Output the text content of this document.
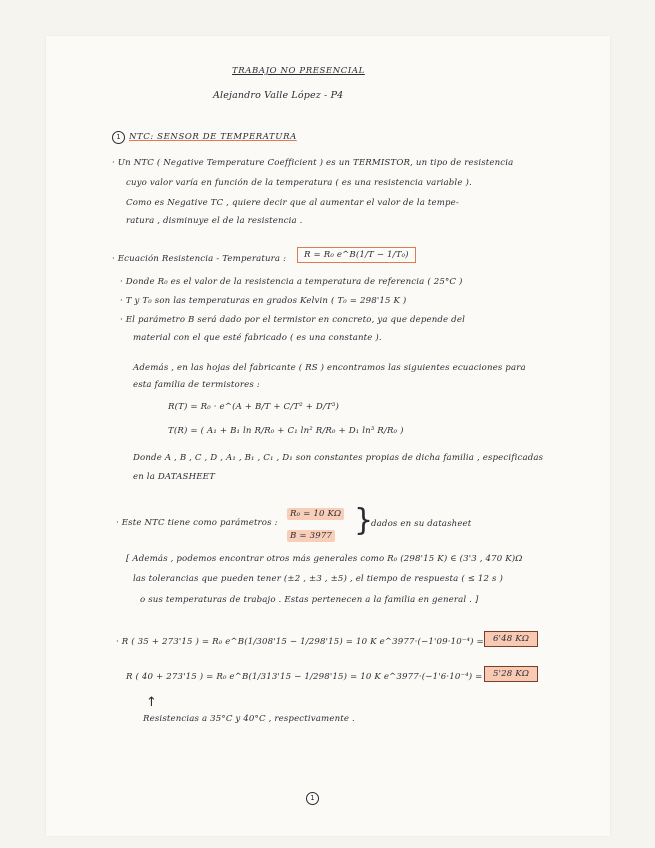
TRABAJO NO PRESENCIAL
Alejandro Valle López - P4
1 NTC: SENSOR DE TEMPERATURA
· Un NTC ( Negative Temperature Coefficient ) es un TERMISTOR, un tipo de resistencia
cuyo valor varía en función de la temperatura ( es una resistencia variable ).
Como es Negative TC , quiere decir que al aumentar el valor de la tempe-
ratura , disminuye el de la resistencia .
· Ecuación Resistencia - Temperatura :	R = R₀ e^B(1/T − 1/T₀)
· Donde R₀ es el valor de la resistencia a temperatura de referencia ( 25°C )
· T y T₀ son las temperaturas en grados Kelvin ( T₀ = 298'15 K )
· El parámetro B será dado por el termistor en concreto, ya que depende del
material con el que esté fabricado ( es una constante ).
Además , en las hojas del fabricante ( RS ) encontramos las siguientes ecuaciones para
esta familia de termistores :
R(T) = R₀ · e^(A + B/T + C/T² + D/T³)
T(R) = ( A₁ + B₁ ln R/R₀ + C₁ ln² R/R₀ + D₁ ln³ R/R₀ )
Donde A , B , C , D , A₁ , B₁ , C₁ , D₁ son constantes propias de dicha familia , especificadas
en la DATASHEET
· Este NTC tiene como parámetros :
R₀ = 10 KΩ
B = 3977 }
dados en su datasheet
[ Además , podemos encontrar otros más generales como R₀ (298'15 K) ∈ (3'3 , 470 K)Ω
las tolerancias que pueden tener (±2 , ±3 , ±5) , el tiempo de respuesta ( ≤ 12 s )
o sus temperaturas de trabajo . Estas pertenecen a la familia en general . ]
· R ( 35 + 273'15 ) = R₀ e^B(1/308'15 − 1/298'15) = 10 K e^3977·(−1'09·10⁻⁴) =	6'48 KΩ
R ( 40 + 273'15 ) = R₀ e^B(1/313'15 − 1/298'15) = 10 K e^3977·(−1'6·10⁻⁴) =	5'28 KΩ
↑
Resistencias a 35°C y 40°C , respectivamente .
1
